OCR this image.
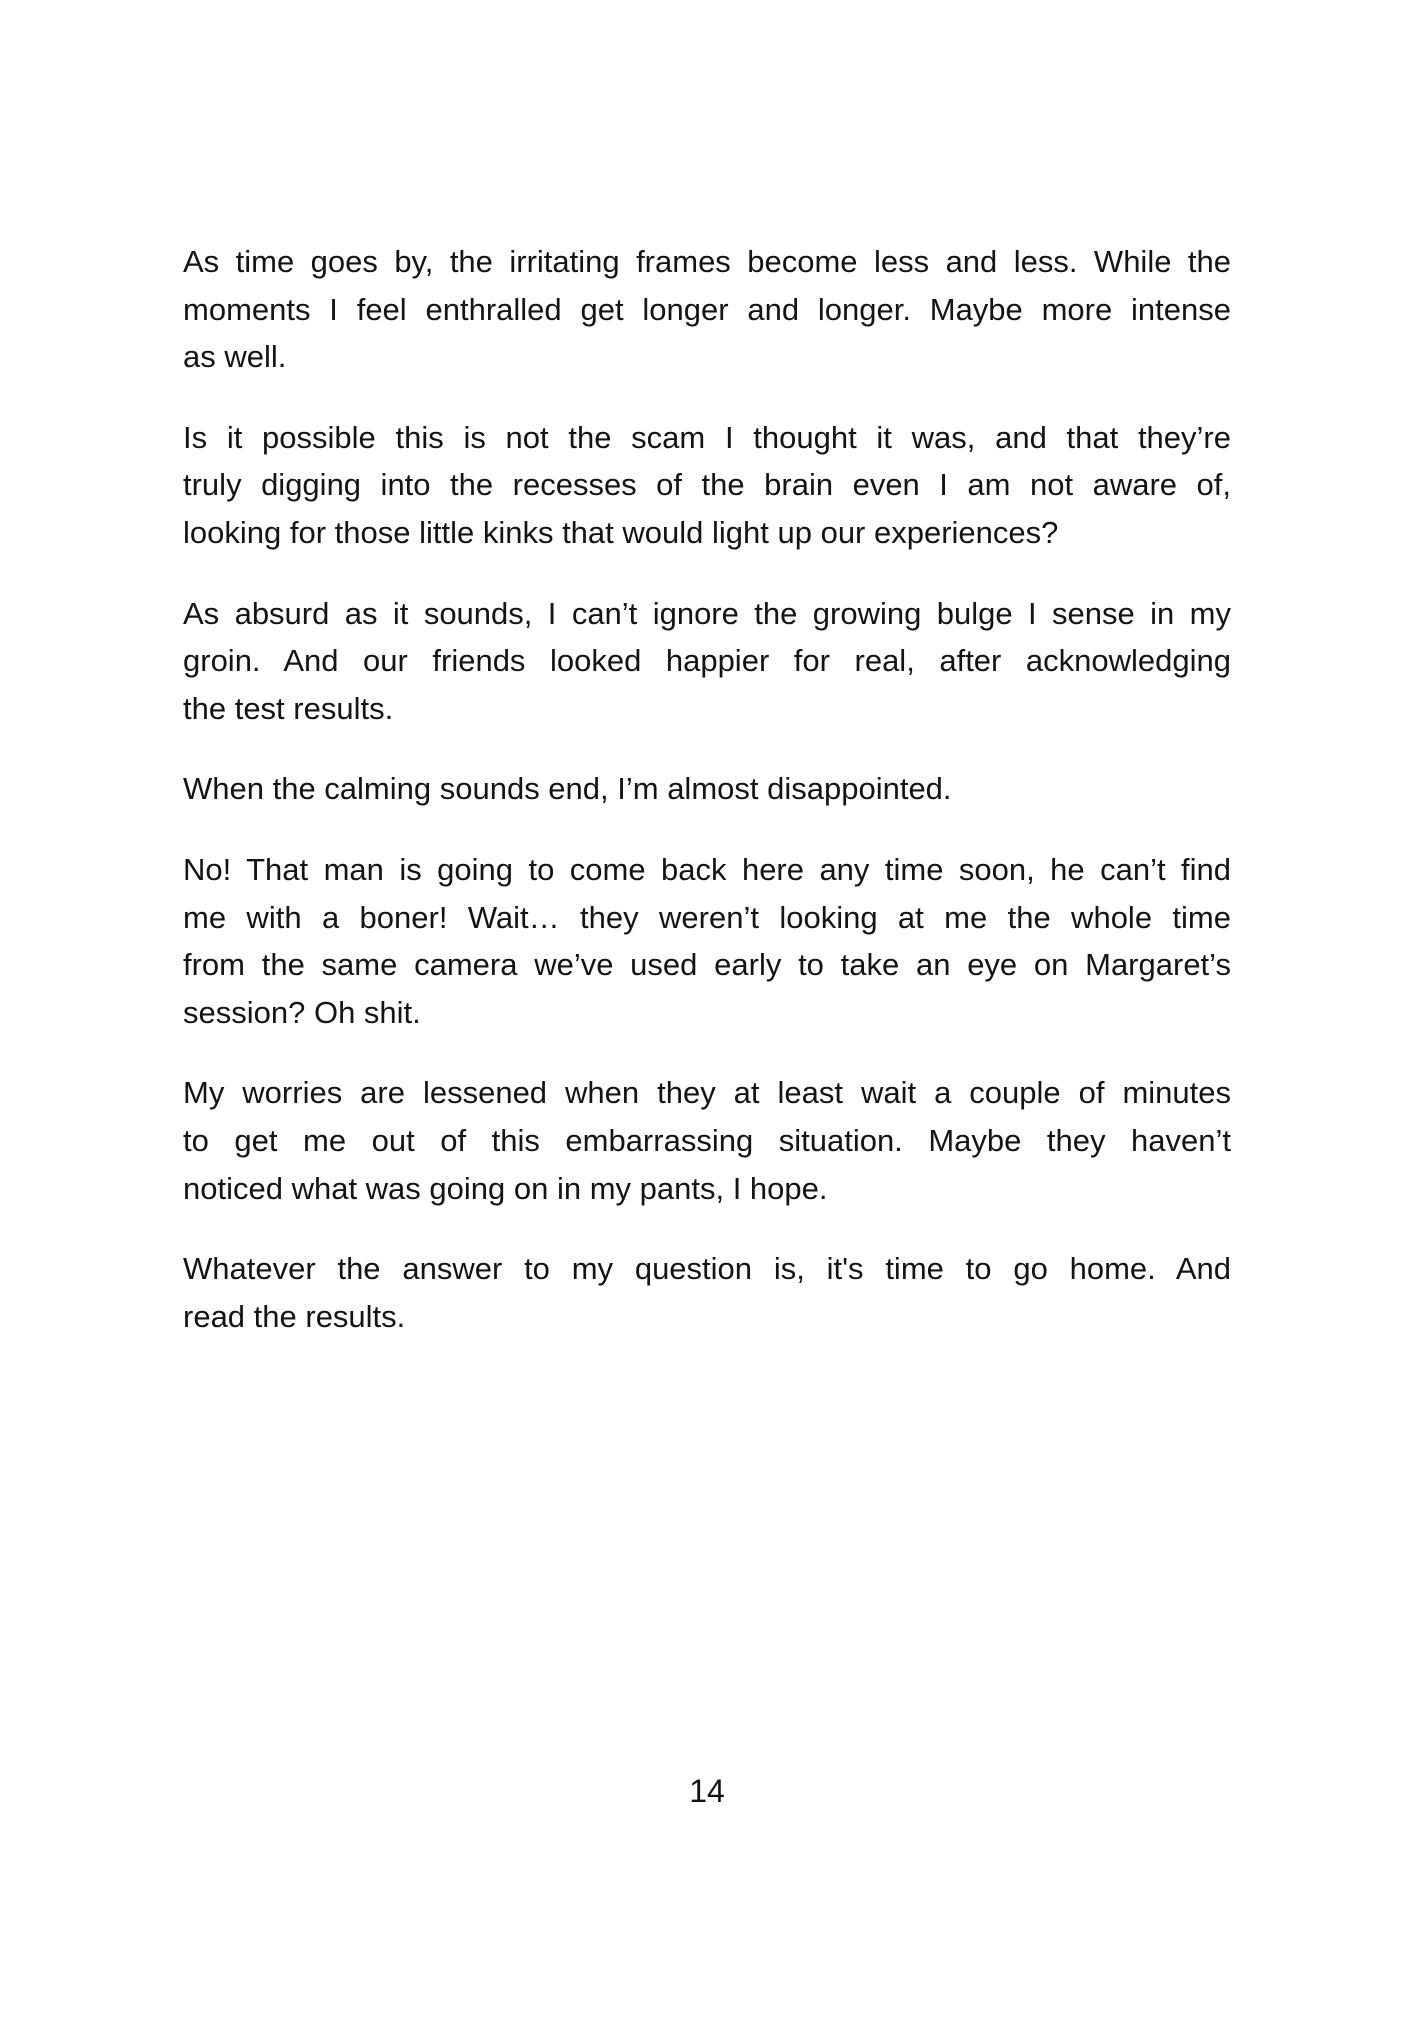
As time goes by, the irritating frames become less and less. While the
moments I feel enthralled get longer and longer. Maybe more intense
as well.
Is it possible this is not the scam I thought it was, and that they’re
truly digging into the recesses of the brain even I am not aware of,
looking for those little kinks that would light up our experiences?
As absurd as it sounds, I can’t ignore the growing bulge I sense in my
groin. And our friends looked happier for real, after acknowledging
the test results.
When the calming sounds end, I’m almost disappointed.
No! That man is going to come back here any time soon, he can’t find
me with a boner! Wait… they weren’t looking at me the whole time
from the same camera we’ve used early to take an eye on Margaret’s
session? Oh shit.
My worries are lessened when they at least wait a couple of minutes
to get me out of this embarrassing situation. Maybe they haven’t
noticed what was going on in my pants, I hope.
Whatever the answer to my question is, it's time to go home. And
read the results.
14
